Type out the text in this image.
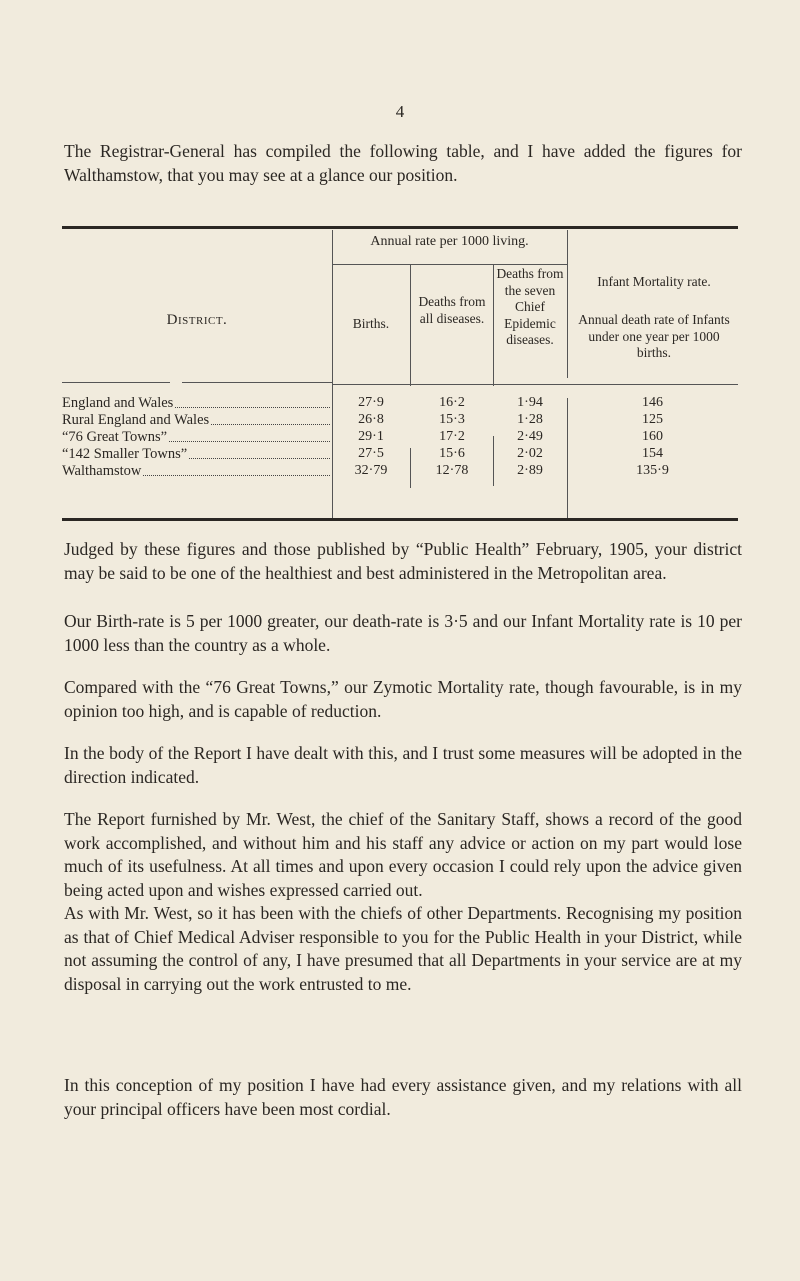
4

The Registrar-General has compiled the following table, and I have added the figures for Walthamstow, that you may see at a glance our position.

Annual rate per 1000 living.
District.	Births.
Deaths from all diseases.
Deaths from the seven Chief Epidemic diseases.
Infant Mortality rate.
Annual death rate of Infants under one year per 1000 births.
England and Wales	27·9	16·2	1·94	146
Rural England and Wales	26·8	15·3	1·28	125
“76 Great Towns”	29·1	17·2	2·49	160
“142 Smaller Towns”	27·5	15·6	2·02	154
Walthamstow	32·79	12·78	2·89	135·9

Judged by these figures and those published by “Public Health” February, 1905, your district may be said to be one of the healthiest and best administered in the Metropolitan area.

Our Birth-rate is 5 per 1000 greater, our death-rate is 3·5 and our Infant Mortality rate is 10 per 1000 less than the country as a whole.

Compared with the “76 Great Towns,” our Zymotic Mortality rate, though favourable, is in my opinion too high, and is capable of reduction.

In the body of the Report I have dealt with this, and I trust some measures will be adopted in the direction indicated.

The Report furnished by Mr. West, the chief of the Sanitary Staff, shows a record of the good work accomplished, and without him and his staff any advice or action on my part would lose much of its usefulness. At all times and upon every occasion I could rely upon the advice given being acted upon and wishes expressed carried out.

As with Mr. West, so it has been with the chiefs of other Departments. Recognising my position as that of Chief Medical Adviser responsible to you for the Public Health in your District, while not assuming the control of any, I have presumed that all Departments in your service are at my disposal in carrying out the work entrusted to me.

In this conception of my position I have had every assistance given, and my relations with all your principal officers have been most cordial.
